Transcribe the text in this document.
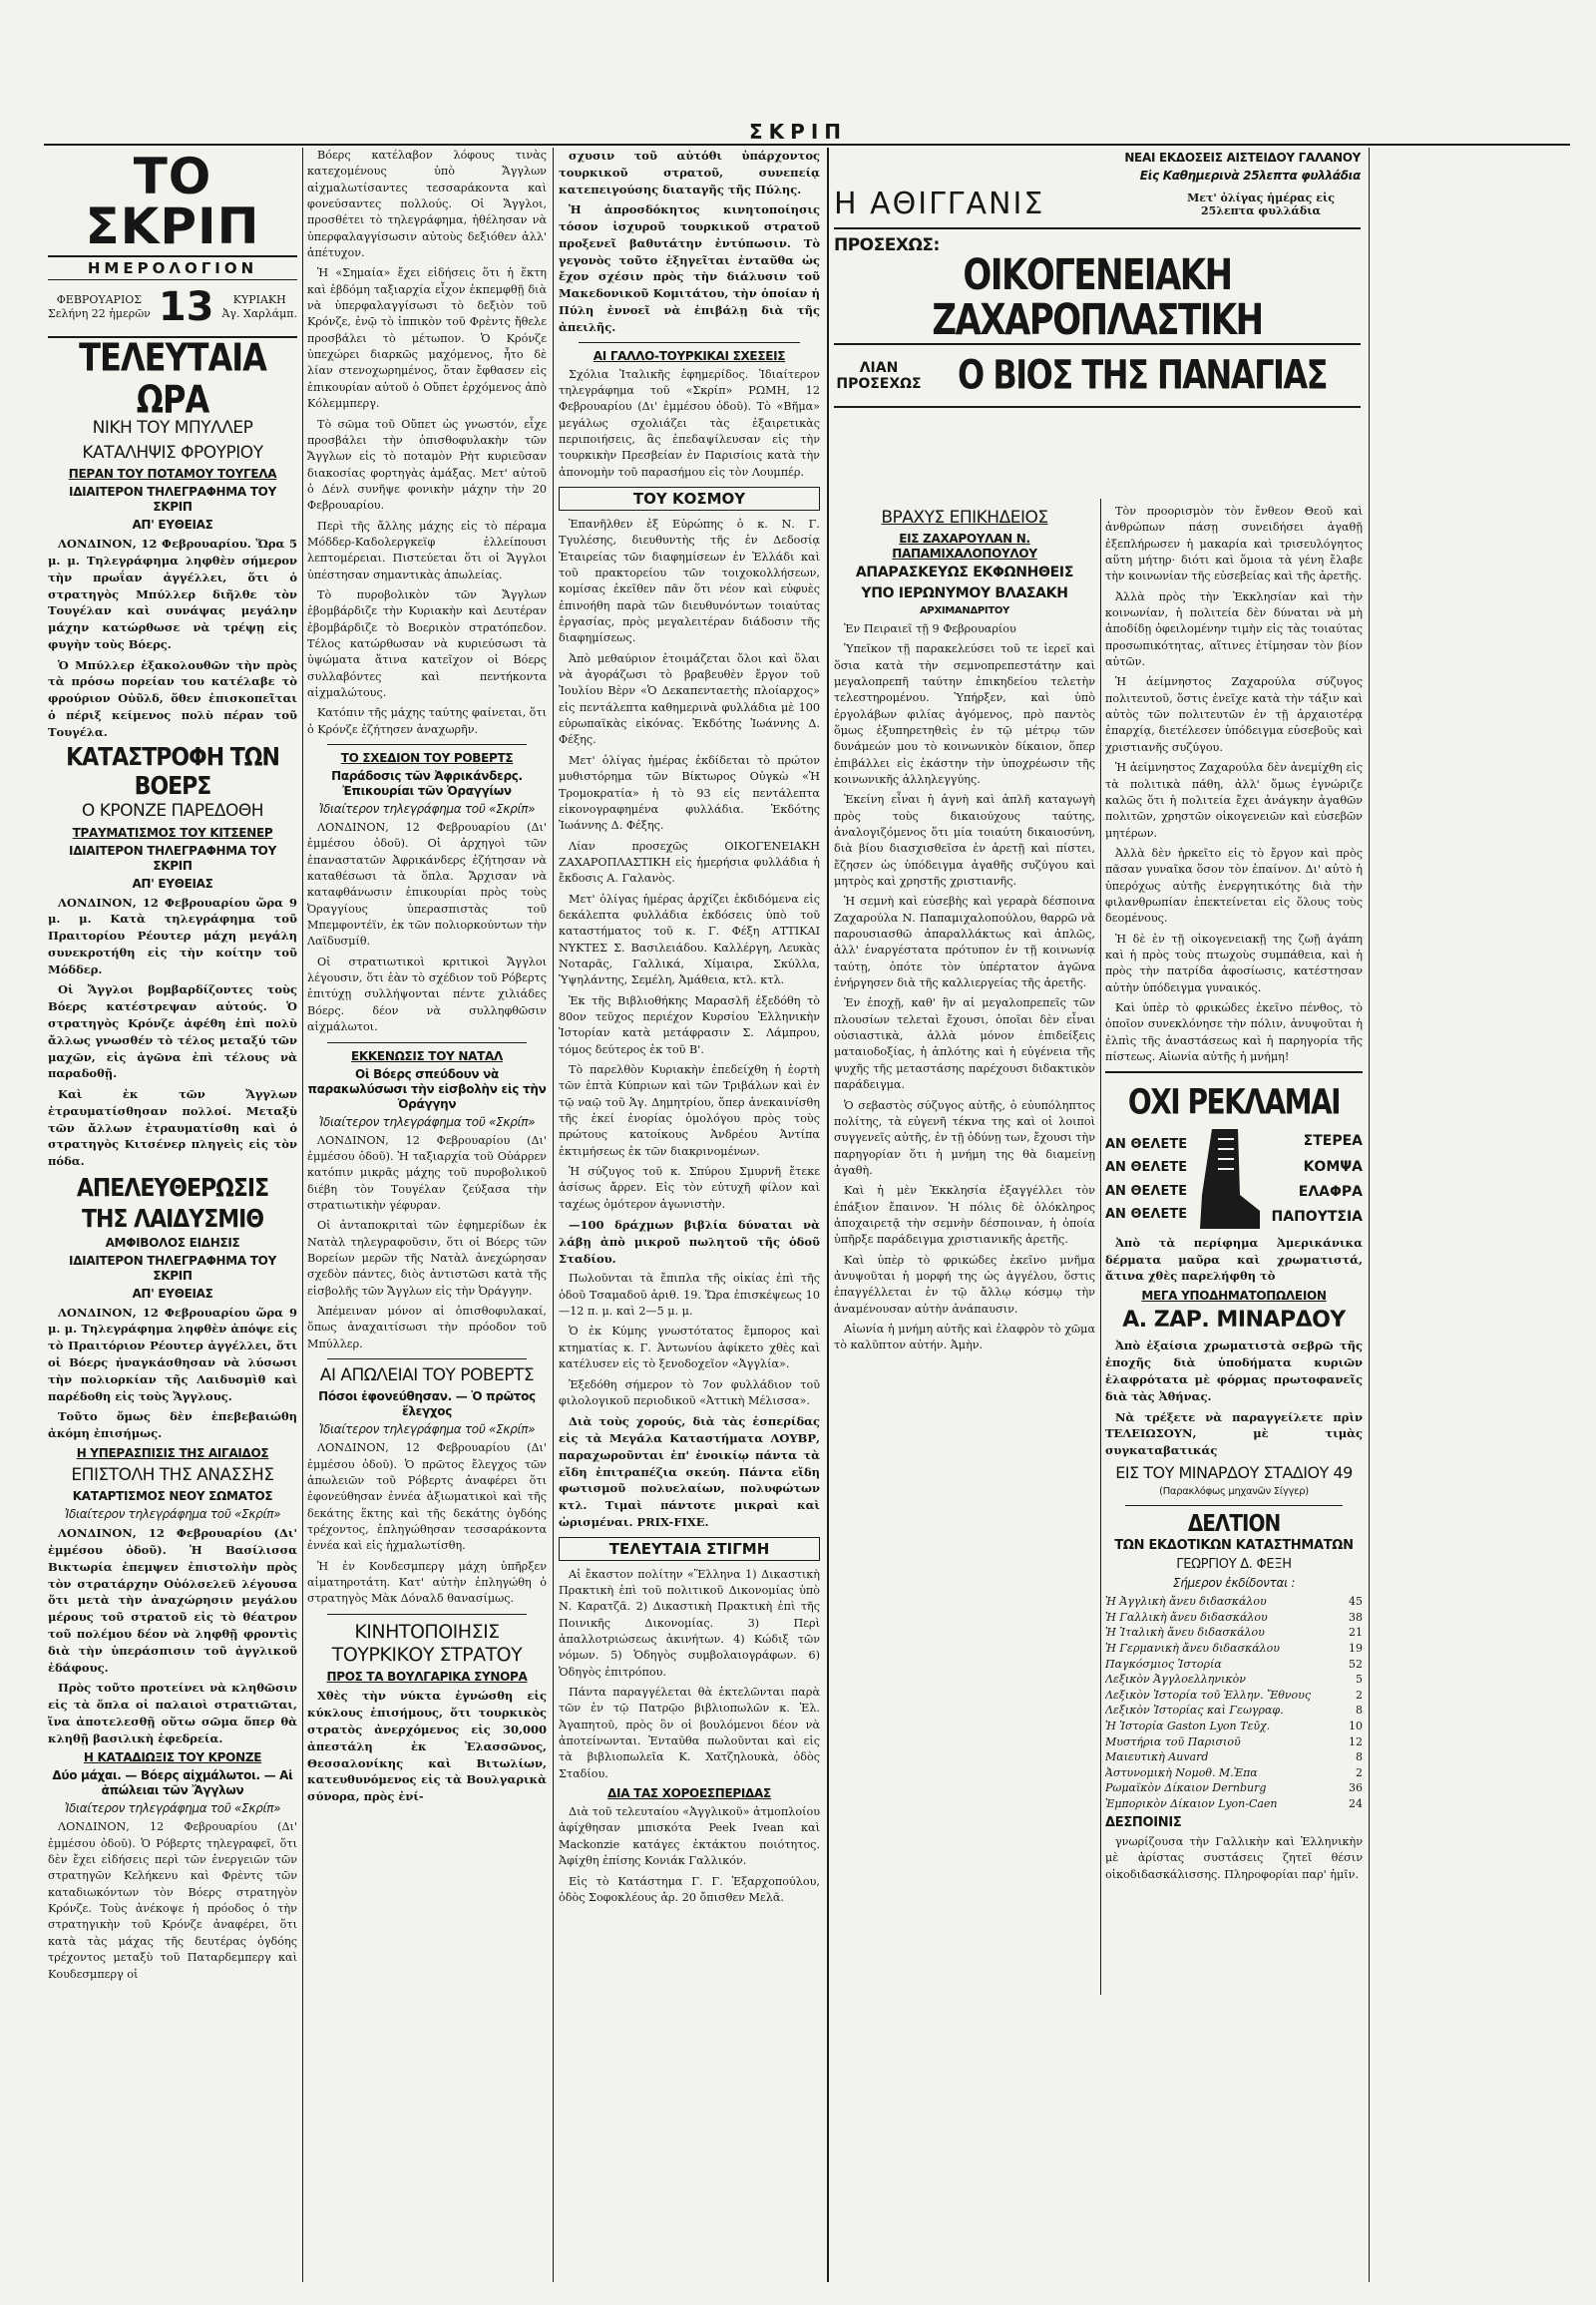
ΣΚΡΙΠ
ΤΟ ΣΚΡΙΠ
ΗΜΕΡΟΛΟΓΙΟΝ
ΦΕΒΡΟΥΑΡΙΟΣ
Σελήνη 22 ἡμερῶν 13	ΚΥΡΙΑΚΗ
Ἀγ. Χαρλάμπ.
ΤΕΛΕΥΤΑΙΑ ΩΡΑ
ΝΙΚΗ ΤΟΥ ΜΠΥΛΛΕΡ
ΚΑΤΑΛΗΨΙΣ ΦΡΟΥΡΙΟΥ
ΠΕΡΑΝ ΤΟΥ ΠΟΤΑΜΟΥ ΤΟΥΓΕΛΑ
ΙΔΙΑΙΤΕΡΟΝ ΤΗΛΕΓΡΑΦΗΜΑ ΤΟΥ ΣΚΡΙΠ
ΑΠ' ΕΥΘΕΙΑΣ

ΛΟΝΔΙΝΟΝ, 12 Φεβρουαρίου. Ὥρα 5 μ. μ. Τηλεγράφημα ληφθὲν σήμερον τὴν πρωΐαν ἀγγέλλει, ὅτι ὁ στρατηγὸς Μπύλλερ διῆλθε τὸν Τουγέλαν καὶ συνάψας μεγάλην μάχην κατώρθωσε νὰ τρέψῃ εἰς φυγὴν τοὺς Βόερς.

Ὁ Μπύλλερ ἐξακολουθῶν τὴν πρὸς τὰ πρόσω πορείαν του κατέλαβε τὸ φρούριον Οὐῦλδ, ὅθεν ἐπισκοπεῖται ὁ πέριξ κείμενος πολὺ πέραν τοῦ Τουγέλα.

ΚΑΤΑΣΤΡΟΦΗ ΤΩΝ ΒΟΕΡΣ
Ο ΚΡΟΝΖΕ ΠΑΡΕΔΟΘΗ
ΤΡΑΥΜΑΤΙΣΜΟΣ ΤΟΥ ΚΙΤΣΕΝΕΡ
ΙΔΙΑΙΤΕΡΟΝ ΤΗΛΕΓΡΑΦΗΜΑ ΤΟΥ ΣΚΡΙΠ
ΑΠ' ΕΥΘΕΙΑΣ

ΛΟΝΔΙΝΟΝ, 12 Φεβρουαρίου ὥρα 9 μ. μ. Κατὰ τηλεγράφημα τοῦ Πραιτορίου Ρέουτερ μάχη μεγάλη συνεκροτήθη εἰς τὴν κοίτην τοῦ Μόδδερ.

Οἱ Ἄγγλοι βομβαρδίζοντες τοὺς Βόερς κατέστρεψαν αὐτούς. Ὁ στρατηγὸς Κρόνζε ἀφέθη ἐπὶ πολὺ ἄλλως γνωσθέν τὸ τέλος μεταξύ τῶν μαχῶν, εἰς ἀγῶνα ἐπὶ τέλους νὰ παραδοθῇ.

Καὶ ἐκ τῶν Ἄγγλων ἐτραυματίσθησαν πολλοί. Μεταξὺ τῶν ἄλλων ἐτραυματίσθη καὶ ὁ στρατηγὸς Κιτσένερ πληγεὶς εἰς τὸν πόδα.

ΑΠΕΛΕΥΘΕΡΩΣΙΣ
ΤΗΣ ΛΑΙΔΥΣΜΙΘ
ΑΜΦΙΒΟΛΟΣ ΕΙΔΗΣΙΣ
ΙΔΙΑΙΤΕΡΟΝ ΤΗΛΕΓΡΑΦΗΜΑ ΤΟΥ ΣΚΡΙΠ
ΑΠ' ΕΥΘΕΙΑΣ

ΛΟΝΔΙΝΟΝ, 12 Φεβρουαρίου ὥρα 9 μ. μ. Τηλεγράφημα ληφθὲν ἀπόψε εἰς τὸ Πραιτόριον Ρέουτερ ἀγγέλλει, ὅτι οἱ Βόερς ἠναγκάσθησαν νὰ λύσωσι τὴν πολιορκίαν τῆς Λαιδυσμὶθ καὶ παρέδοθη εἰς τοὺς Ἄγγλους.

Τοῦτο ὅμως δὲν ἐπεβεβαιώθη ἀκόμη ἐπισήμως.

Η ΥΠΕΡΑΣΠΙΣΙΣ ΤΗΣ ΑΙΓΑΙΔΟΣ
ΕΠΙΣΤΟΛΗ ΤΗΣ ΑΝΑΣΣΗΣ
ΚΑΤΑΡΤΙΣΜΟΣ ΝΕΟΥ ΣΩΜΑΤΟΣ
Ἰδιαίτερον τηλεγράφημα τοῦ «Σκρίπ»

ΛΟΝΔΙΝΟΝ, 12 Φεβρουαρίου (Δι' ἐμμέσου ὁδοῦ). Ἡ Βασίλισσα Βικτωρία ἐπεμψεν ἐπιστολὴν πρὸς τὸν στρατάρχην Οὐόλσελεϋ λέγουσα ὅτι μετὰ τὴν ἀναχώρησιν μεγάλου μέρους τοῦ στρατοῦ εἰς τὸ θέατρον τοῦ πολέμου δέον νὰ ληφθῇ φροντὶς διὰ τὴν ὑπεράσπισιν τοῦ ἀγγλικοῦ ἐδάφους.

Πρὸς τοῦτο προτείνει νὰ κληθῶσιν εἰς τὰ ὅπλα οἱ παλαιοὶ στρατιῶται, ἵνα ἀποτελεσθῇ οὕτω σῶμα ὅπερ θὰ κληθῇ βασιλικὴ ἐφεδρεία.

Η ΚΑΤΑΔΙΩΞΙΣ ΤΟΥ ΚΡΟΝΖΕ
Δύο μάχαι. — Βόερς αἰχμάλωτοι. — Αἱ ἀπώλειαι τῶν Ἄγγλων
Ἰδιαίτερον τηλεγράφημα τοῦ «Σκρίπ»

ΛΟΝΔΙΝΟΝ, 12 Φεβρουαρίου (Δι' ἐμμέσου ὁδοῦ). Ὁ Ρόβερτς τηλεγραφεῖ, ὅτι δὲν ἔχει εἰδήσεις περὶ τῶν ἐνεργειῶν τῶν στρατηγῶν Κελήκενυ καὶ Φρὲντς τῶν καταδιωκόντων τὸν Βόερς στρατηγὸν Κρόνζε. Τοὺς ἀνέκοψε ἡ πρόοδος ὁ τὴν στρατηγικὴν τοῦ Κρόνζε ἀναφέρει, ὅτι κατὰ τὰς μάχας τῆς δευτέρας ὀγδόης τρέχοντος μεταξὺ τοῦ Παταρδεμπεργ καὶ Κουδεσμπεργ οἱ

Βόερς κατέλαβον λόφους τινὰς κατεχομένους ὑπὸ Ἄγγλων αἰχμαλωτίσαντες τεσσαράκοντα καὶ φονεύσαντες πολλούς. Οἱ Ἄγγλοι, προσθέτει τὸ τηλεγράφημα, ἠθέλησαν νὰ ὑπερφαλαγγίσωσιν αὐτοὺς δεξιόθεν ἀλλ' ἀπέτυχον.

Ἡ «Σημαία» ἔχει εἰδήσεις ὅτι ἡ ἕκτη καὶ ἑβδόμη ταξιαρχία εἶχον ἐκπεμφθῇ διὰ νὰ ὑπερφαλαγγίσωσι τὸ δεξιὸν τοῦ Κρόνζε, ἐνῷ τὸ ἱππικὸν τοῦ Φρὲντς ἤθελε προσβάλει τὸ μέτωπον. Ὁ Κρόνζε ὑπεχώρει διαρκῶς μαχόμενος, ἦτο δὲ λίαν στενοχωρημένος, ὅταν ἔφθασεν εἰς ἐπικουρίαν αὐτοῦ ὁ Οὔπετ ἐρχόμενος ἀπὸ Κόλεμμπεργ.

Τὸ σῶμα τοῦ Οὔπετ ὡς γνωστόν, εἶχε προσβάλει τὴν ὀπισθοφυλακὴν τῶν Ἄγγλων εἰς τὸ ποταμὸν Ρὴτ κυριεῦσαν διακοσίας φορτηγὰς ἁμάξας. Μετ' αὐτοῦ ὁ Δένλ συνῆψε φονικὴν μάχην τὴν 20 Φεβρουαρίου.

Περὶ τῆς ἄλλης μάχης εἰς τὸ πέραμα Μόδδερ-Καδολεργκεϊφ ἐλλείπουσι λεπτομέρειαι. Πιστεύεται ὅτι οἱ Ἄγγλοι ὑπέστησαν σημαντικὰς ἀπωλείας.

Τὸ πυροβολικὸν τῶν Ἄγγλων ἐβομβάρδιζε τὴν Κυριακὴν καὶ Δευτέραν ἐβομβάρδιζε τὸ Βοερικὸν στρατόπεδον. Τέλος κατώρθωσαν νὰ κυριεύσωσι τὰ ὑψώματα ἅτινα κατεῖχον οἱ Βόερς συλλαβόντες καὶ πεντήκοντα αἰχμαλώτους.

Κατόπιν τῆς μάχης ταύτης φαίνεται, ὅτι ὁ Κρόνζε ἐζήτησεν ἀναχωρῆν.

ΤΟ ΣΧΕΔΙΟΝ ΤΟΥ ΡΟΒΕΡΤΣ
Παράδοσις τῶν Ἀφρικάνδερς. Ἐπικουρίαι τῶν Ὀραγγίων
Ἰδιαίτερον τηλεγράφημα τοῦ «Σκρίπ»

ΛΟΝΔΙΝΟΝ, 12 Φεβρουαρίου (Δι' ἐμμέσου ὁδοῦ). Οἱ ἀρχηγοὶ τῶν ἐπαναστατῶν Ἀφρικάνδερς ἐζήτησαν νὰ καταθέσωσι τὰ ὅπλα. Ἄρχισαν νὰ καταφθάνωσιν ἐπικουρίαι πρὸς τοὺς Ὀραγγίους ὑπερασπιστὰς τοῦ Μπεμφοντέϊν, ἐκ τῶν πολιορκούντων τὴν Λαϊδυσμίθ.

Οἱ στρατιωτικοὶ κριτικοὶ Ἄγγλοι λέγουσιν, ὅτι ἐὰν τὸ σχέδιον τοῦ Ρόβερτς ἐπιτύχῃ συλλήψονται πέντε χιλιάδες Βόερς. δέον νὰ συλληφθῶσιν αἰχμάλωτοι.

ΕΚΚΕΝΩΣΙΣ ΤΟΥ ΝΑΤΑΛ
Οἱ Βόερς σπεύδουν νὰ παρακωλύσωσι τὴν εἰσβολὴν εἰς τὴν Ὀράγγην
Ἰδιαίτερον τηλεγράφημα τοῦ «Σκρίπ»

ΛΟΝΔΙΝΟΝ, 12 Φεβρουαρίου (Δι' ἐμμέσου ὁδοῦ). Ἡ ταξιαρχία τοῦ Οὐάρρεν κατόπιν μικρᾶς μάχης τοῦ πυροβολικοῦ διέβη τὸν Τουγέλαν ζεύξασα τὴν στρατιωτικὴν γέφυραν.

Οἱ ἀνταποκριταὶ τῶν ἐφημερίδων ἐκ Νατὰλ τηλεγραφοῦσιν, ὅτι οἱ Βόερς τῶν Βορείων μερῶν τῆς Νατὰλ ἀνεχώρησαν σχεδὸν πάντες, διὸς ἀντιστῶσι κατὰ τῆς εἰσβολῆς τῶν Ἄγγλων εἰς τὴν Ὀράγγην.

Ἀπέμειναν μόνον αἱ ὀπισθοφυλακαί, ὅπως ἀναχαιτίσωσι τὴν πρόοδον τοῦ Μπύλλερ.

ΑΙ ΑΠΩΛΕΙΑΙ ΤΟΥ ΡΟΒΕΡΤΣ
Πόσοι ἐφονεύθησαν. — Ὁ πρῶτος ἔλεγχος
Ἰδιαίτερον τηλεγράφημα τοῦ «Σκρίπ»

ΛΟΝΔΙΝΟΝ, 12 Φεβρουαρίου (Δι' ἐμμέσου ὁδοῦ). Ὁ πρῶτος ἔλεγχος τῶν ἀπωλειῶν τοῦ Ρόβερτς ἀναφέρει ὅτι ἐφονεύθησαν ἐννέα ἀξιωματικοὶ καὶ τῆς δεκάτης ἕκτης καὶ τῆς δεκάτης ὀγδόης τρέχοντος, ἐπληγώθησαν τεσσαράκοντα ἐννέα καὶ εἰς ἡχμαλωτίσθη.

Ἡ ἐν Κονδεσμπεργ μάχη ὑπῆρξεν αἱματηροτάτη. Κατ' αὐτὴν ἐπληγώθη ὁ στρατηγὸς Μὰκ Δόναλδ θανασίμως.

ΚΙΝΗΤΟΠΟΙΗΣΙΣ ΤΟΥΡΚΙΚΟΥ ΣΤΡΑΤΟΥ
ΠΡΟΣ ΤΑ ΒΟΥΛΓΑΡΙΚΑ ΣΥΝΟΡΑ

Χθὲς τὴν νύκτα ἐγνώσθη εἰς κύκλους ἐπισήμους, ὅτι τουρκικὸς στρατὸς ἀνερχόμενος εἰς 30,000 ἀπεστάλη ἐκ Ἐλασσῶνος, Θεσσαλονίκης καὶ Βιτωλίων, κατευθυνόμενος εἰς τὰ Βουλγαρικὰ σύνορα, πρὸς ἐνί-

σχυσιν τοῦ αὐτόθι ὑπάρχοντος τουρκικοῦ στρατοῦ, συνεπείᾳ κατεπειγούσης διαταγῆς τῆς Πύλης.

Ἡ ἀπροσδόκητος κινητοποίησις τόσον ἰσχυροῦ τουρκικοῦ στρατοῦ προξενεῖ βαθυτάτην ἐντύπωσιν. Τὸ γεγονὸς τοῦτο ἐξηγεῖται ἐνταῦθα ὡς ἔχον σχέσιν πρὸς τὴν διάλυσιν τοῦ Μακεδονικοῦ Κομιτάτου, τὴν ὁποίαν ἡ Πύλη ἐννοεῖ νὰ ἐπιβάλῃ διὰ τῆς ἀπειλῆς.

ΑΙ ΓΑΛΛΟ-ΤΟΥΡΚΙΚΑΙ ΣΧΕΣΕΙΣ

Σχόλια Ἰταλικῆς ἐφημερίδος. Ἰδιαίτερον τηλεγράφημα τοῦ «Σκρίπ» ΡΩΜΗ, 12 Φεβρουαρίου (Δι' ἐμμέσου ὁδοῦ). Τὸ «Βῆμα» μεγάλως σχολιάζει τὰς ἐξαιρετικὰς περιποιήσεις, ἃς ἐπεδαψίλευσαν εἰς τὴν τουρκικὴν Πρεσβείαν ἐν Παρισίοις κατὰ τὴν ἀπονομὴν τοῦ παρασήμου εἰς τὸν Λουμπέρ.

ΤΟΥ ΚΟΣΜΟΥ

Ἐπανῆλθεν ἐξ Εὐρώπης ὁ κ. Ν. Γ. Τγυλέσης, διευθυντὴς τῆς ἐν Δεδοσίᾳ Ἑταιρείας τῶν διαφημίσεων ἐν Ἑλλάδι καὶ τοῦ πρακτορείου τῶν τοιχοκολλήσεων, κομίσας ἐκεῖθεν πᾶν ὅτι νέον καὶ εὐφυὲς ἐπινοήθη παρὰ τῶν διευθυνόντων τοιαύτας ἐργασίας, πρὸς μεγαλειτέραν διάδοσιν τῆς διαφημίσεως.

Ἀπὸ μεθαύριον ἑτοιμάζεται ὅλοι καὶ ὅλαι νὰ ἀγοράζωσι τὸ βραβευθὲν ἔργον τοῦ Ἰουλίου Βὲρν «Ὁ Δεκαπενταετὴς πλοίαρχος» εἰς πεντάλεπτα καθημερινὰ φυλλάδια μὲ 100 εὐρωπαϊκὰς εἰκόνας. Ἐκδότης Ἰωάννης Δ. Φέξης.

Μετ' ὀλίγας ἡμέρας ἐκδίδεται τὸ πρώτον μυθιστόρημα τῶν Βίκτωρος Οὐγκὼ «Ἡ Τρομοκρατία» ἡ τὸ 93 εἰς πεντάλεπτα εἰκονογραφημένα φυλλάδια. Ἐκδότης Ἰωάννης Δ. Φέξης.

Λίαν προσεχῶς ΟΙΚΟΓΕΝΕΙΑΚΗ ΖΑΧΑΡΟΠΛΑΣΤΙΚΗ εἰς ἡμερήσια φυλλάδια ἡ ἔκδοσις Α. Γαλανὸς.

Μετ' ὀλίγας ἡμέρας ἀρχίζει ἐκδιδόμενα εἰς δεκάλεπτα φυλλάδια ἐκδόσεις ὑπὸ τοῦ καταστήματος τοῦ κ. Γ. Φέξη ΑΤΤΙΚΑΙ ΝΥΚΤΕΣ Σ. Βασιλειάδου. Καλλέργη, Λευκὰς Νοταρᾶς, Γαλλικά, Χίμαιρα, Σκύλλα, Ὑψηλάντης, Σεμέλη, Ἀμάθεια, κτλ. κτλ.

Ἐκ τῆς Βιβλιοθήκης Μαρασλῆ ἐξεδόθη τὸ 80ον τεῦχος περιέχον Κυρσίου Ἑλληνικὴν Ἱστορίαν κατὰ μετάφρασιν Σ. Λάμπρου, τόμος δεύτερος ἐκ τοῦ Β'.

Τὸ παρελθὸν Κυριακὴν ἐπεδείχθη ἡ ἑορτὴ τῶν ἑπτὰ Κύπριων καὶ τῶν Τριβάλων καὶ ἐν τῷ ναῷ τοῦ Ἁγ. Δημητρίου, ὅπερ ἀνεκαινίσθη τῆς ἐκεί ἐνορίας ὁμολόγου πρὸς τοὺς πρώτους κατοίκους Ἀνδρέου Ἀντίπα ἐκτιμήσεως ἐκ τῶν διακρινομένων.

Ἡ σύζυγος τοῦ κ. Σπύρου Σμυρνῆ ἔτεκε ἀσίσως ἄρρεν. Εἰς τὸν εὐτυχῆ φίλον καὶ ταχέως ὁμότερον ἀγωνιστὴν.

—100 δράχμων βιβλία δύναται νὰ λάβῃ ἀπὸ μικροῦ πωλητοῦ τῆς ὁδοῦ Σταδίου.

Πωλοῦνται τὰ ἔπιπλα τῆς οἰκίας ἐπὶ τῆς ὁδοῦ Τσαμαδοῦ ἀριθ. 19. Ὥρα ἐπισκέψεως 10—12 π. μ. καὶ 2—5 μ. μ.

Ὁ ἐκ Κύμης γνωστότατος ἔμπορος καὶ κτηματίας κ. Γ. Ἀντωνίου ἀφίκετο χθὲς καὶ κατέλυσεν εἰς τὸ ξενοδοχεῖον «Ἀγγλία».

Ἐξεδόθη σήμερον τὸ 7ον φυλλάδιον τοῦ φιλολογικοῦ περιοδικοῦ «Ἀττικὴ Μέλισσα».

Διὰ τοὺς χορούς, διὰ τὰς ἑσπερίδας εἰς τὰ Μεγάλα Καταστήματα ΛΟΥΒΡ, παραχωροῦνται ἐπ' ἐνοικίῳ πάντα τὰ εἴδη ἐπιτραπέζια σκεύη. Πάντα εἴδη φωτισμοῦ πολυελαίων, πολυφώτων κτλ. Τιμαὶ πάντοτε μικραὶ καὶ ὡρισμέναι. PRIX-FIXE.

ΤΕΛΕΥΤΑΙΑ ΣΤΙΓΜΗ

Αἱ ἔκαστον πολίτην «Ἕλληνα 1) Δικαστικὴ Πρακτικὴ ἐπὶ τοῦ πολιτικοῦ Δικονομίας ὑπὸ Ν. Καρατζᾶ. 2) Δικαστικὴ Πρακτικὴ ἐπὶ τῆς Ποινικῆς Δικονομίας. 3) Περὶ ἀπαλλοτριώσεως ἀκινήτων. 4) Κώδιξ τῶν νόμων. 5) Ὁδηγὸς συμβολαιογράφων. 6) Ὁδηγὸς ἐπιτρόπου.

Πάντα παραγγέλεται θὰ ἐκτελῶνται παρὰ τῶν ἐν τῷ Πατρῷο βιβλιοπωλῶν κ. Ἐλ. Ἀγαπητοῦ, πρὸς ὃν οἱ βουλόμενοι δέον νὰ ἀποτείνωνται. Ἐνταῦθα πωλοῦνται καὶ εἰς τὰ βιβλιοπωλεῖα Κ. Χατζηλουκὰ, ὁδὸς Σταδίου.

ΔΙΑ ΤΑΣ ΧΟΡΟΕΣΠΕΡΙΔΑΣ

Διὰ τοῦ τελευταίου «Ἀγγλικοῦ» ἀτμοπλοίου ἀφίχθησαν μπισκότα Peek Ivean καὶ Mackonzie κατάγες ἐκτάκτου ποιότητος. Ἀφίχθη ἐπίσης Κονιάκ Γαλλικόν.

Εἰς τὸ Κατάστημα Γ. Γ. Ἐξαρχοπούλου, ὁδὸς Σοφοκλέους ἀρ. 20 ὄπισθεν Μελᾶ.

ΝΕΑΙ ΕΚΔΟΣΕΙΣ ΑΙΣΤΕΙΔΟΥ ΓΑΛΑΝΟΥ
Εἰς Καθημερινὰ 25λεπτα φυλλάδια
Η ΑΘΙΓΓΑΝΙΣ	Μετ' ὀλίγας ἡμέρας εἰς 25λεπτα φυλλάδια
ΠΡΟΣΕΧΩΣ:
ΟΙΚΟΓΕΝΕΙΑΚΗ ΖΑΧΑΡΟΠΛΑΣΤΙΚΗ
ΛΙΑΝ
ΠΡΟΣΕΧΩΣ	Ο ΒΙΟΣ ΤΗΣ ΠΑΝΑΓΙΑΣ
ΒΡΑΧΥΣ ΕΠΙΚΗΔΕΙΟΣ
ΕΙΣ ΖΑΧΑΡΟΥΛΑΝ Ν. ΠΑΠΑΜΙΧΑΛΟΠΟΥΛΟΥ
ΑΠΑΡΑΣΚΕΥΩΣ ΕΚΦΩΝΗΘΕΙΣ
ΥΠΟ ΙΕΡΩΝΥΜΟΥ ΒΛΑΣΑΚΗ
ΑΡΧΙΜΑΝΔΡΙΤΟΥ

Ἐν Πειραιεῖ τῇ 9 Φεβρουαρίου

Ὑπεῖκον τῇ παρακελεύσει τοῦ τε ἱερεῖ καὶ ὅσια κατὰ τὴν σεμνοπρεπεστάτην καὶ μεγαλοπρεπῆ ταύτην ἐπικηδείου τελετὴν τελεστηρομένου. Ὑπήρξεν, καὶ ὑπὸ ἐργολάβων φιλίας ἀγόμενος, πρὸ παντὸς ὅμως ἐξυπηρετηθεὶς ἐν τῷ μέτρῳ τῶν δυνάμεών μου τὸ κοινωνικὸν δίκαιον, ὅπερ ἐπιβάλλει εἰς ἑκάστην τὴν ὑποχρέωσιν τῆς κοινωνικῆς ἀλληλεγγύης.

Ἐκείνη εἶναι ἡ ἁγνὴ καὶ ἁπλῆ καταγωγὴ πρὸς τοὺς δικαιούχους ταύτης, ἀναλογιζόμενος ὅτι μία τοιαύτη δικαιοσύνη, διὰ βίου διασχισθεῖσα ἐν ἀρετῇ καὶ πίστει, ἔζησεν ὡς ὑπόδειγμα ἀγαθῆς συζύγου καὶ μητρὸς καὶ χρηστῆς χριστιανῆς.

Ἡ σεμνὴ καὶ εὐσεβὴς καὶ γεραρὰ δέσποινα Ζαχαρούλα Ν. Παπαμιχαλοπούλου, θαρρῶ νὰ παρουσιασθῶ ἀπαραλλάκτως καὶ ἁπλῶς, ἀλλ' ἐναργέστατα πρότυπον ἐν τῇ κοινωνίᾳ ταύτῃ, ὁπότε τὸν ὑπέρτατον ἀγῶνα ἐνήργησεν διὰ τῆς καλλιεργείας τῆς ἀρετῆς.

Ἐν ἐποχῇ, καθ' ἣν αἱ μεγαλοπρεπεῖς τῶν πλουσίων τελεταὶ ἔχουσι, ὁποῖαι δὲν εἶναι οὐσιαστικὰ, ἀλλὰ μόνον ἐπιδείξεις ματαιοδοξίας, ἡ ἀπλότης καὶ ἡ εὐγένεια τῆς ψυχῆς τῆς μεταστάσης παρέχουσι διδακτικὸν παράδειγμα.

Ὁ σεβαστὸς σύζυγος αὐτῆς, ὁ εὐυπόληπτος πολίτης, τὰ εὐγενῆ τέκνα της καὶ οἱ λοιποὶ συγγενεῖς αὐτῆς, ἐν τῇ ὀδύνῃ των, ἔχουσι τὴν παρηγορίαν ὅτι ἡ μνήμη της θὰ διαμείνῃ ἀγαθὴ.

Καὶ ἡ μὲν Ἐκκλησία ἐξαγγέλλει τὸν ἐπάξιον ἔπαινον. Ἡ πόλις δὲ ὁλόκληρος ἀποχαιρετᾷ τὴν σεμνὴν δέσποιναν, ἡ ὁποία ὑπῆρξε παράδειγμα χριστιανικῆς ἀρετῆς.

Καὶ ὑπὲρ τὸ φρικώδες ἐκεῖνο μνῆμα ἀνυψοῦται ἡ μορφή της ὡς ἀγγέλου, ὅστις ἐπαγγέλλεται ἐν τῷ ἄλλῳ κόσμῳ τὴν ἀναμένουσαν αὐτὴν ἀνάπαυσιν.

Αἰωνία ἡ μνήμη αὐτῆς καὶ ἐλαφρὸν τὸ χῶμα τὸ καλῦπτον αὐτήν. Ἀμὴν.

Τὸν προορισμὸν τὸν ἔνθεον Θεοῦ καὶ ἀνθρώπων πάσῃ συνειδήσει ἀγαθῇ ἐξεπλήρωσεν ἡ μακαρία καὶ τρισευλόγητος αὕτη μήτηρ· διότι καὶ ὅμοια τὰ γένη ἔλαβε τὴν κοινωνίαν τῆς εὐσεβείας καὶ τῆς ἀρετῆς.

Ἀλλὰ πρὸς τὴν Ἐκκλησίαν καὶ τὴν κοινωνίαν, ἡ πολιτεία δὲν δύναται νὰ μὴ ἀποδίδῃ ὀφειλομένην τιμὴν εἰς τὰς τοιαύτας προσωπικότητας, αἵτινες ἐτίμησαν τὸν βίον αὐτῶν.

Ἡ ἀείμνηστος Ζαχαρούλα σύζυγος πολιτευτοῦ, ὅστις ἐνεῖχε κατὰ τὴν τάξιν καὶ αὐτὸς τῶν πολιτευτῶν ἐν τῇ ἀρχαιοτέρᾳ ἐπαρχίᾳ, διετέλεσεν ὑπόδειγμα εὐσεβοῦς καὶ χριστιανῆς συζύγου.

Ἡ ἀείμνηστος Ζαχαρούλα δὲν ἀνεμίχθη εἰς τὰ πολιτικὰ πάθη, ἀλλ' ὅμως ἐγνώριζε καλῶς ὅτι ἡ πολιτεία ἔχει ἀνάγκην ἀγαθῶν πολιτῶν, χρηστῶν οἰκογενειῶν καὶ εὐσεβῶν μητέρων.

Ἀλλὰ δὲν ἠρκεῖτο εἰς τὸ ἔργον καὶ πρὸς πᾶσαν γυναῖκα ὅσον τὸν ἐπαίνον. Δι' αὐτὸ ἡ ὑπερόχως αὐτῆς ἐνεργητικότης διὰ τὴν φιλανθρωπίαν ἐπεκτείνεται εἰς ὅλους τοὺς δεομένους.

Ἡ δὲ ἐν τῇ οἰκογενειακῇ της ζωῇ ἀγάπη καὶ ἡ πρὸς τοὺς πτωχοὺς συμπάθεια, καὶ ἡ πρὸς τὴν πατρίδα ἀφοσίωσις, κατέστησαν αὐτὴν ὑπόδειγμα γυναικός.

Καὶ ὑπὲρ τὸ φρικώδες ἐκεῖνο πένθος, τὸ ὁποῖον συνεκλόνησε τὴν πόλιν, ἀνυψοῦται ἡ ἐλπὶς τῆς ἀναστάσεως καὶ ἡ παρηγορία τῆς πίστεως. Αἰωνία αὐτῆς ἡ μνήμη!

ΟΧΙ ΡΕΚΛΑΜΑΙ
ΑΝ ΘΕΛΕΤΕ
ΑΝ ΘΕΛΕΤΕ
ΑΝ ΘΕΛΕΤΕ
ΑΝ ΘΕΛΕΤΕ
ΣΤΕΡΕΑ
ΚΟΜΨΑ
ΕΛΑΦΡΑ
ΠΑΠΟΥΤΣΙΑ

Ἀπὸ τὰ περίφημα Ἀμερικάνικα δέρματα μαῦρα καὶ χρωματιστά, ἅτινα χθὲς παρελήφθη τὸ

ΜΕΓΑ ΥΠΟΔΗΜΑΤΟΠΩΛΕΙΟΝ
Α. ΖΑΡ. ΜΙΝΑΡΔΟΥ

Ἀπὸ ἐξαίσια χρωματιστὰ σεβρῶ τῆς ἐποχῆς διὰ ὑποδήματα κυριῶν ἐλαφρότατα μὲ φόρμας πρωτοφανεῖς διὰ τὰς Ἀθήνας.

Νὰ τρέξετε νὰ παραγγείλετε πρὶν ΤΕΛΕΙΩΣΟΥΝ, μὲ τιμὰς συγκαταβατικάς

ΕΙΣ ΤΟΥ ΜΙΝΑΡΔΟΥ ΣΤΑΔΙΟΥ 49
(Παρακλόφως μηχανῶν Σίγγερ)
ΔΕΛΤΙΟΝ
ΤΩΝ ΕΚΔΟΤΙΚΩΝ ΚΑΤΑΣΤΗΜΑΤΩΝ
ΓΕΩΡΓΙΟΥ Δ. ΦΕΞΗ
Σήμερον ἐκδίδονται :
Ἡ Ἀγγλικὴ ἄνευ διδασκάλου	45
Ἡ Γαλλικὴ ἄνευ διδασκάλου	38
Ἡ Ἰταλικὴ ἄνευ διδασκάλου	21
Ἡ Γερμανικὴ ἄνευ διδασκάλου	19
Παγκόσμιος Ἱστορία	52
Λεξικὸν Ἀγγλοελληνικὸν	5
Λεξικὸν Ἱστορία τοῦ Ἑλλην. Ἔθνους	2
Λεξικὸν Ἱστορίας καὶ Γεωγραφ.	8
Ἡ Ἱστορία Gaston Lyon Τεῦχ.	10
Μυστήρια τοῦ Παρισιοῦ	12
Μαιευτικὴ Auvard	8
Ἀστυνομικὴ Νομοθ. Μ.Ἐπα	2
Ρωμαϊκὸν Δίκαιον Dernburg	36
Ἐμπορικὸν Δίκαιον Lyon-Caen	24
ΔΕΣΠΟΙΝΙΣ

γνωρίζουσα τὴν Γαλλικὴν καὶ Ἑλληνικὴν μὲ ἀρίστας συστάσεις ζητεῖ θέσιν οἰκοδιδασκάλισσης. Πληροφορίαι παρ' ἡμῖν.
